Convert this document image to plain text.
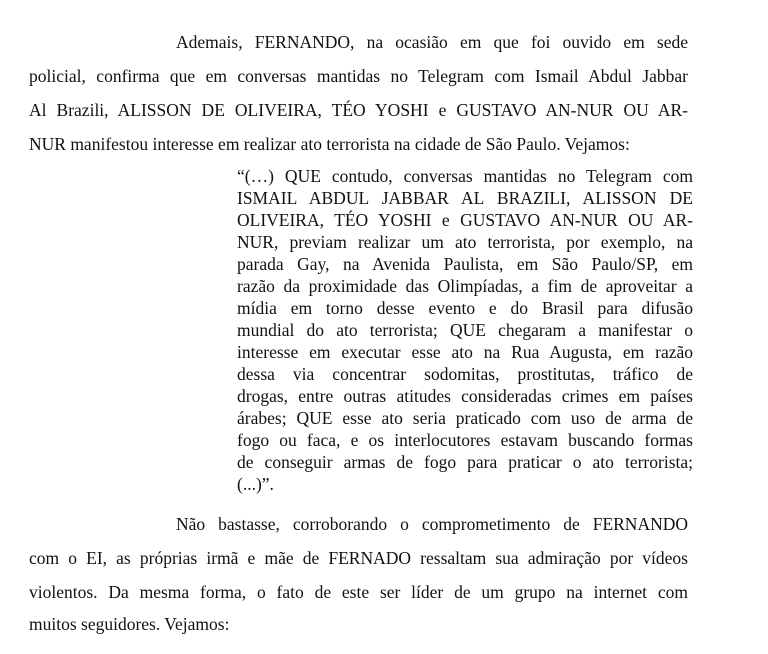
Ademais, FERNANDO, na ocasião em que foi ouvido em sede
policial, confirma que em conversas mantidas no Telegram com Ismail Abdul Jabbar
Al Brazili, ALISSON DE OLIVEIRA, TÉO YOSHI e GUSTAVO AN-NUR OU AR-
NUR manifestou interesse em realizar ato terrorista na cidade de São Paulo. Vejamos:
“(…) QUE contudo, conversas mantidas no Telegram com
ISMAIL ABDUL JABBAR AL BRAZILI, ALISSON DE
OLIVEIRA, TÉO YOSHI e GUSTAVO AN-NUR OU AR-
NUR, previam realizar um ato terrorista, por exemplo, na
parada Gay, na Avenida Paulista, em São Paulo/SP, em
razão da proximidade das Olimpíadas, a fim de aproveitar a
mídia em torno desse evento e do Brasil para difusão
mundial do ato terrorista; QUE chegaram a manifestar o
interesse em executar esse ato na Rua Augusta, em razão
dessa via concentrar sodomitas, prostitutas, tráfico de
drogas, entre outras atitudes consideradas crimes em países
árabes; QUE esse ato seria praticado com uso de arma de
fogo ou faca, e os interlocutores estavam buscando formas
de conseguir armas de fogo para praticar o ato terrorista;
(...)”.
Não bastasse, corroborando o comprometimento de FERNANDO
com o EI, as próprias irmã e mãe de FERNADO ressaltam sua admiração por vídeos
violentos. Da mesma forma, o fato de este ser líder de um grupo na internet com
muitos seguidores. Vejamos:
